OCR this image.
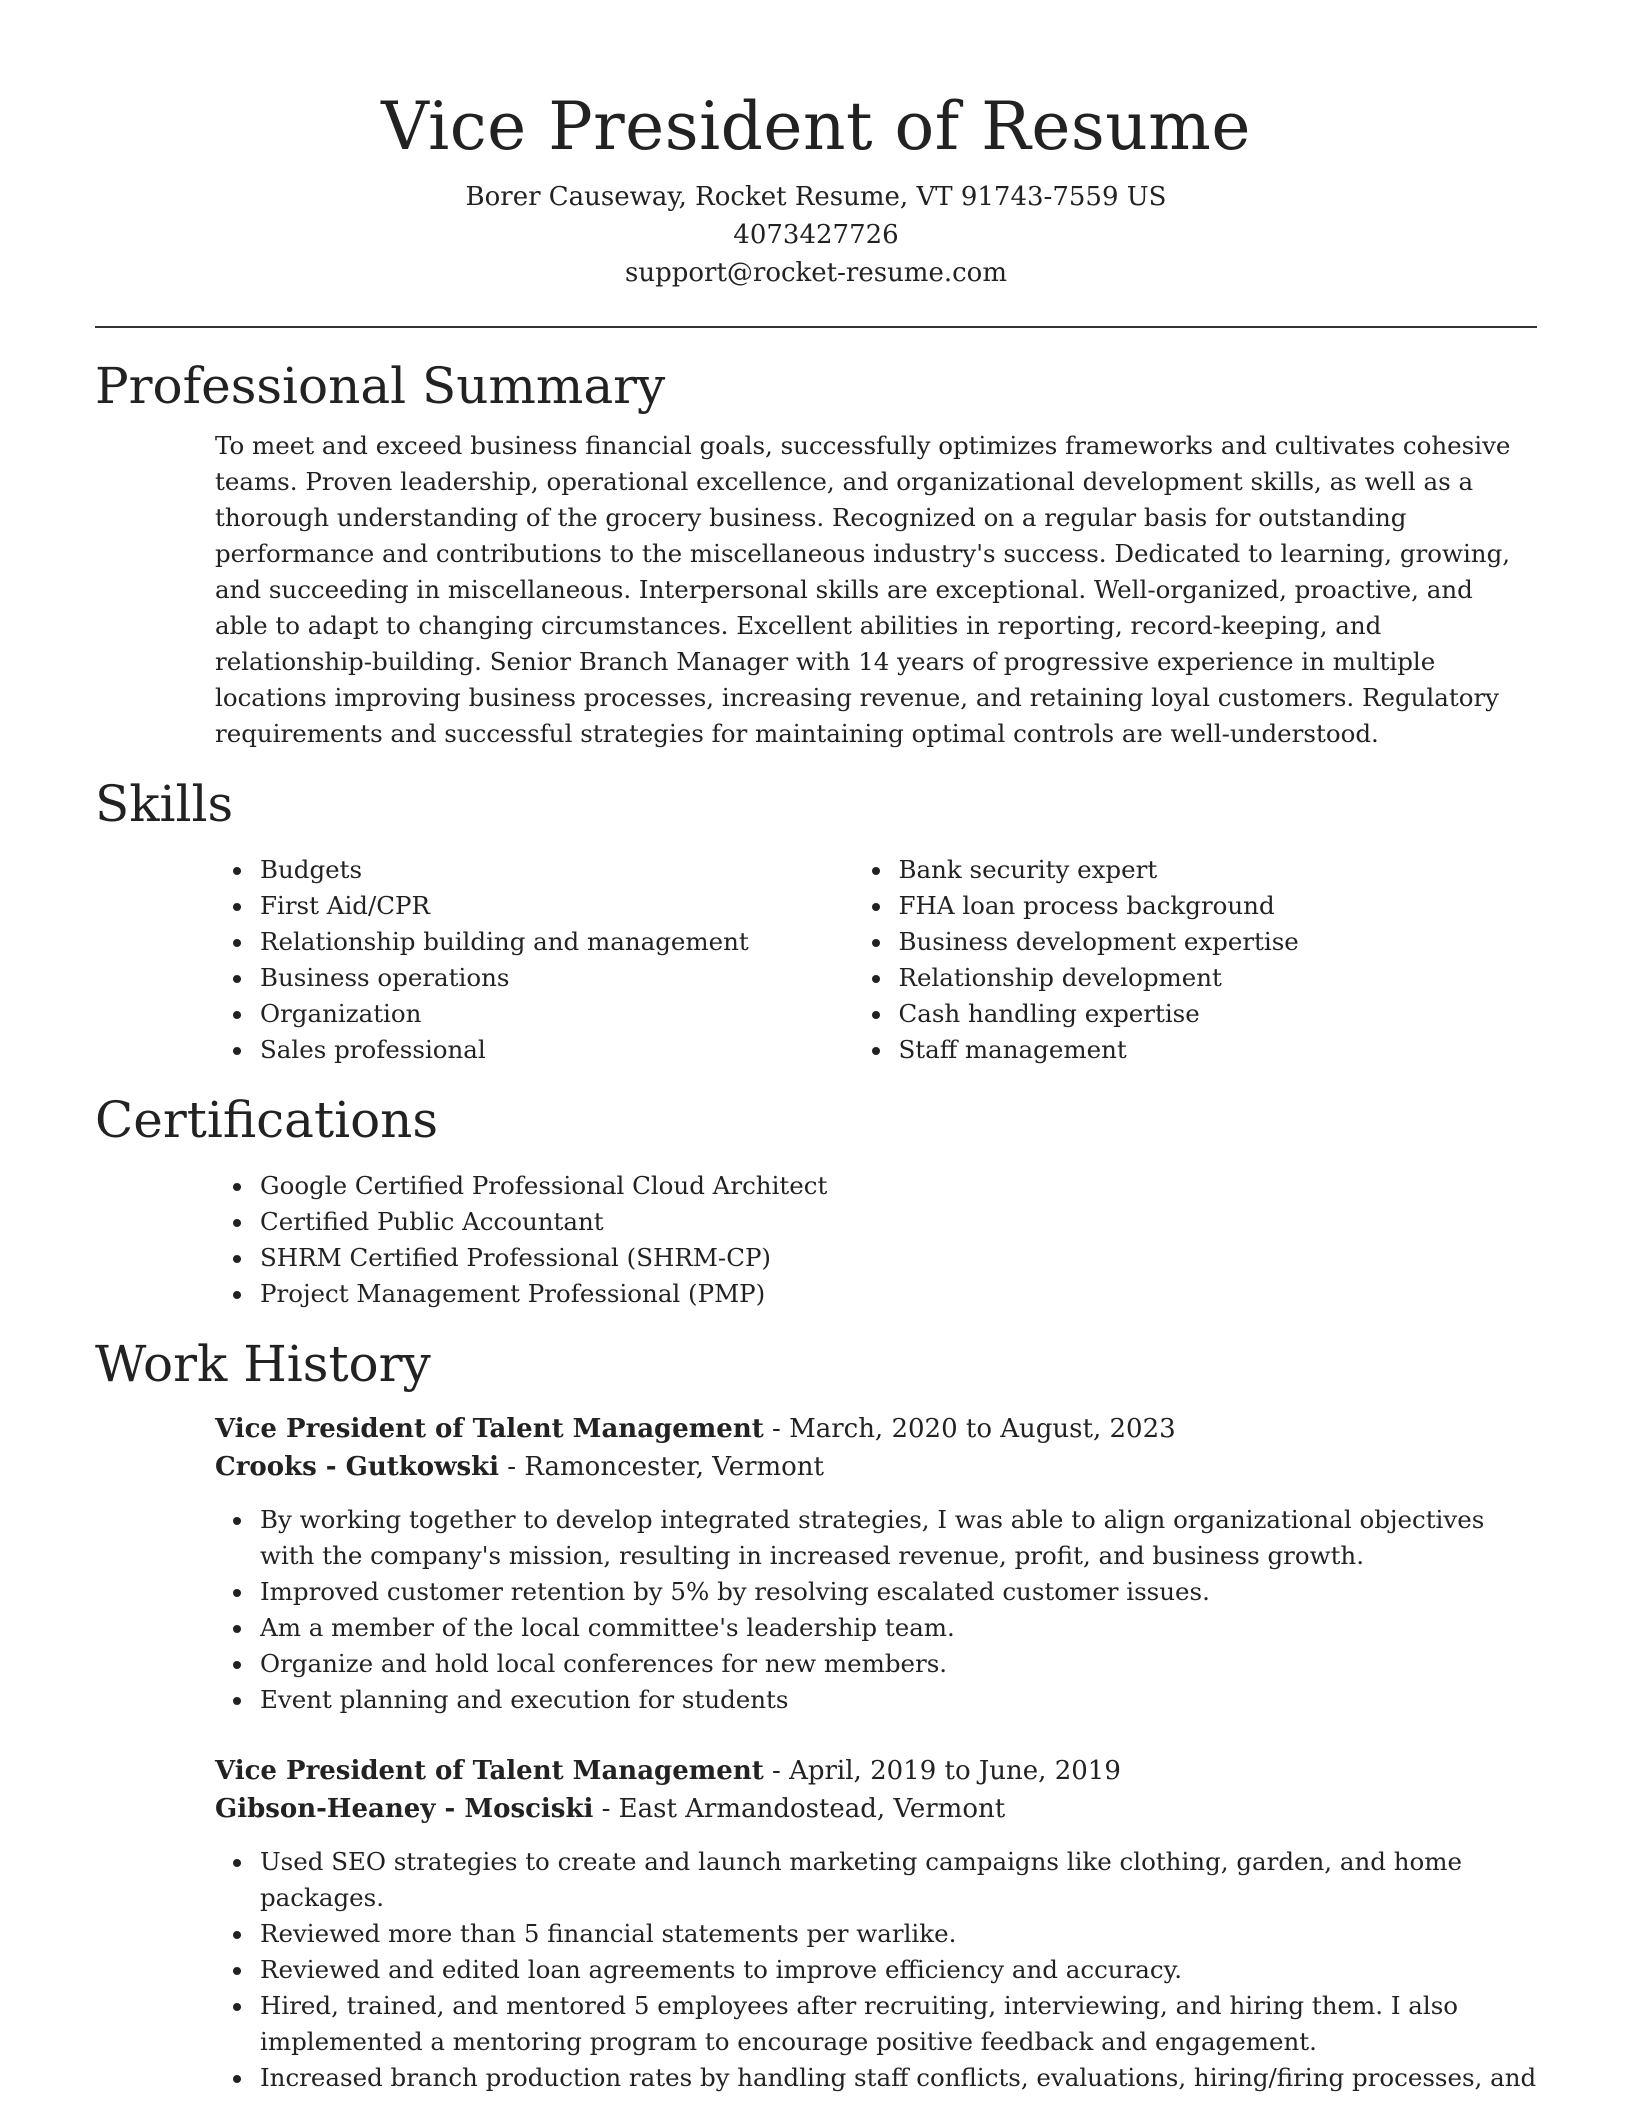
Vice President of Resume

Borer Causeway, Rocket Resume, VT 91743-7559 US

4073427726

support@rocket-resume.com

Professional Summary

To meet and exceed business financial goals, successfully optimizes frameworks and cultivates cohesive teams. Proven leadership, operational excellence, and organizational development skills, as well as a thorough understanding of the grocery business. Recognized on a regular basis for outstanding performance and contributions to the miscellaneous industry's success. Dedicated to learning, growing, and succeeding in miscellaneous. Interpersonal skills are exceptional. Well-organized, proactive, and able to adapt to changing circumstances. Excellent abilities in reporting, record-keeping, and relationship-building. Senior Branch Manager with 14 years of progressive experience in multiple locations improving business processes, increasing revenue, and retaining loyal customers. Regulatory requirements and successful strategies for maintaining optimal controls are well-understood.

Skills
Budgets
First Aid/CPR
Relationship building and management
Business operations
Organization
Sales professional
Bank security expert
FHA loan process background
Business development expertise
Relationship development
Cash handling expertise
Staff management
Certifications
Google Certified Professional Cloud Architect
Certified Public Accountant
SHRM Certified Professional (SHRM-CP)
Project Management Professional (PMP)
Work History
Vice President of Talent Management - March, 2020 to August, 2023
Crooks - Gutkowski - Ramoncester, Vermont
By working together to develop integrated strategies, I was able to align organizational objectives with the company's mission, resulting in increased revenue, profit, and business growth.
Improved customer retention by 5% by resolving escalated customer issues.
Am a member of the local committee's leadership team.
Organize and hold local conferences for new members.
Event planning and execution for students
Vice President of Talent Management - April, 2019 to June, 2019
Gibson-Heaney - Mosciski - East Armandostead, Vermont
Used SEO strategies to create and launch marketing campaigns like clothing, garden, and home packages.
Reviewed more than 5 financial statements per warlike.
Reviewed and edited loan agreements to improve efficiency and accuracy.
Hired, trained, and mentored 5 employees after recruiting, interviewing, and hiring them. I also implemented a mentoring program to encourage positive feedback and engagement.
Increased branch production rates by handling staff conflicts, evaluations, hiring/firing processes, and
